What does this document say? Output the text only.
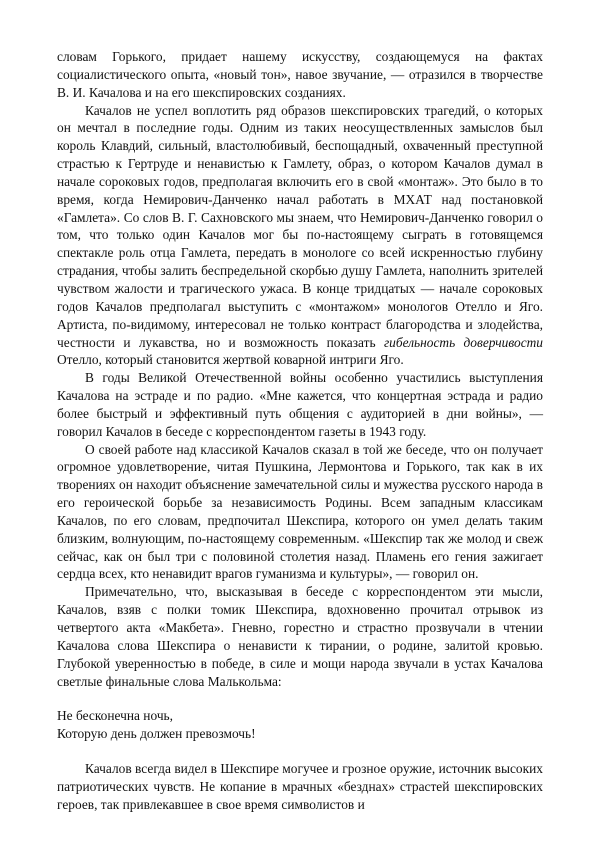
словам Горького, придает нашему искусству, создающемуся на фактах социалистического опыта, «новый тон», навое звучание, — отразился в творчестве В. И. Качалова и на его шекспировских созданиях.

Качалов не успел воплотить ряд образов шекспировских трагедий, о которых он мечтал в последние годы. Одним из таких неосуществленных замыслов был король Клавдий, сильный, властолюбивый, беспощадный, охваченный преступной страстью к Гертруде и ненавистью к Гамлету, образ, о котором Качалов думал в начале сороковых годов, предполагая включить его в свой «монтаж». Это было в то время, когда Немирович-Данченко начал работать в МХАТ над постановкой «Гамлета». Со слов В. Г. Сахновского мы знаем, что Немирович-Данченко говорил о том, что только один Качалов мог бы по-настоящему сыграть в готовящемся спектакле роль отца Гамлета, передать в монологе со всей искренностью глубину страдания, чтобы залить беспредельной скорбью душу Гамлета, наполнить зрителей чувством жалости и трагического ужаса. В конце тридцатых — начале сороковых годов Качалов предполагал выступить с «монтажом» монологов Отелло и Яго. Артиста, по-видимому, интересовал не только контраст благородства и злодейства, честности и лукавства, но и возможность показать гибельность доверчивости Отелло, который становится жертвой коварной интриги Яго.

В годы Великой Отечественной войны особенно участились выступления Качалова на эстраде и по радио. «Мне кажется, что концертная эстрада и радио более быстрый и эффективный путь общения с аудиторией в дни войны», — говорил Качалов в беседе с корреспондентом газеты в 1943 году.

О своей работе над классикой Качалов сказал в той же беседе, что он получает огромное удовлетворение, читая Пушкина, Лермонтова и Горького, так как в их творениях он находит объяснение замечательной силы и мужества русского народа в его героической борьбе за независимость Родины. Всем западным классикам Качалов, по его словам, предпочитал Шекспира, которого он умел делать таким близким, волнующим, по-настоящему современным. «Шекспир так же молод и свеж сейчас, как он был три с половиной столетия назад. Пламень его гения зажигает сердца всех, кто ненавидит врагов гуманизма и культуры», — говорил он.

Примечательно, что, высказывая в беседе с корреспондентом эти мысли, Качалов, взяв с полки томик Шекспира, вдохновенно прочитал отрывок из четвертого акта «Макбета». Гневно, горестно и страстно прозвучали в чтении Качалова слова Шекспира о ненависти к тирании, о родине, залитой кровью. Глубокой уверенностью в победе, в силе и мощи народа звучали в устах Качалова светлые финальные слова Малькольма:

Не бесконечна ночь,
Которую день должен превозмочь!

Качалов всегда видел в Шекспире могучее и грозное оружие, источник высоких патриотических чувств. Не копание в мрачных «безднах» страстей шекспировских героев, так привлекавшее в свое время символистов и
